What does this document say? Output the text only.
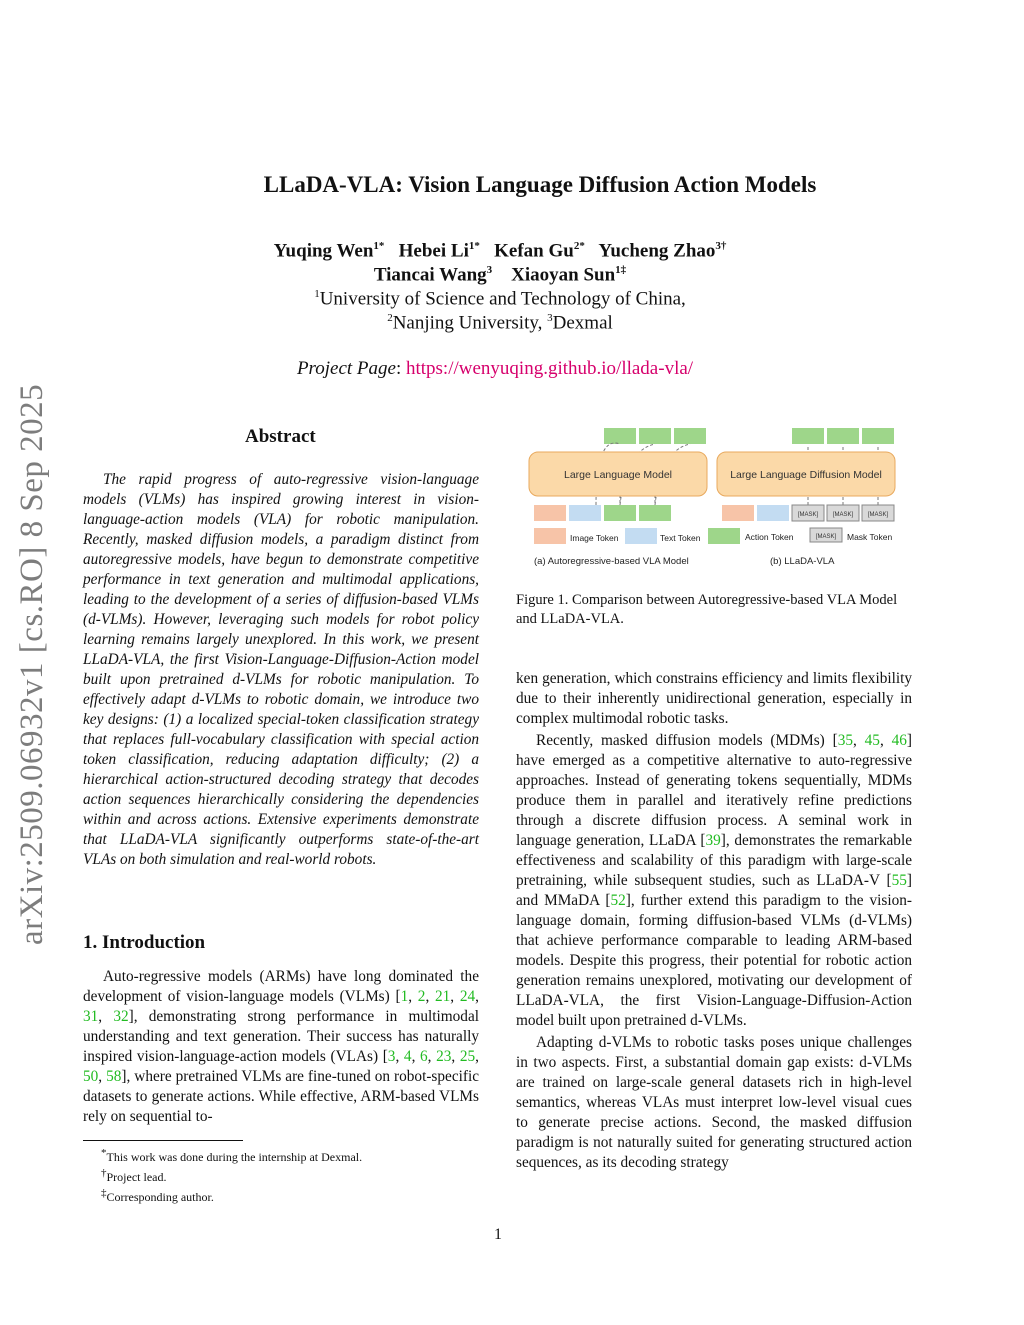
LLaDA-VLA: Vision Language Diffusion Action Models
Yuqing Wen$^{1*}$ Hebei $Li^{1*}$ Kefan $Gu^{2*}$ Yucheng Zhao$^{3\dagger}$
Tiancai Wang$^3$ Xiaoyan Sun$^{1\ddagger}$
$^1$University of Science and Technology of China,
$^2$Nanjing University, $^3$Dexmal
Project Page: https://wenyuqing.github.io/llada-vla/
arXiv:2509.06932v1 [cs.RO] 8 Sep 2025	Abstract

The rapid progress of auto-regressive vision-language models (VLMs) has inspired growing interest in vision-language-action models (VLA) for robotic manipulation. Recently, masked diffusion models, a paradigm distinct from autoregressive models, have begun to demonstrate competitive performance in text generation and multimodal applications, leading to the development of a series of diffusion-based VLMs (d-VLMs). However, leveraging such models for robot policy learning remains largely unexplored. In this work, we present LLaDA-VLA, the first Vision-Language-Diffusion-Action model built upon pretrained d-VLMs for robotic manipulation. To effectively adapt d-VLMs to robotic domain, we introduce two key designs: (1) a localized special-token classification strategy that replaces full-vocabulary classification with special action token classification, reducing adaptation difficulty; (2) a hierarchical action-structured decoding strategy that decodes action sequences hierarchically considering the dependencies within and across actions. Extensive experiments demonstrate that LLaDA-VLA significantly outperforms state-of-the-art VLAs on both simulation and real-world robots.

1. Introduction

Auto-regressive models (ARMs) have long dominated the development of vision-language models (VLMs) [1, 2, 21, 24, 31, 32], demonstrating strong performance in multimodal understanding and text generation. Their success has naturally inspired vision-language-action models (VLAs) [3, 4, 6, 23, 25, 50, 58], where pretrained VLMs are fine-tuned on robot-specific datasets to generate actions. While effective, ARM-based VLMs rely on sequential to-

*This work was done during the internship at Dexmal.
†Project lead.
‡Corresponding author.
Large Language Model	Large Language Diffusion Model
[MASK] [MASK] [MASK]
Image Token	Text Token	Action Token	[MASK] Mask Token
(a) Autoregressive-based VLA Model	(b) LLaDA-VLA
Figure 1. Comparison between Autoregressive-based VLA Model and LLaDA-VLA.

ken generation, which constrains efficiency and limits flexibility due to their inherently unidirectional generation, especially in complex multimodal robotic tasks.

Recently, masked diffusion models (MDMs) [35, 45, 46] have emerged as a competitive alternative to auto-regressive approaches. Instead of generating tokens sequentially, MDMs produce them in parallel and iteratively refine predictions through a discrete diffusion process. A seminal work in language generation, LLaDA [39], demonstrates the remarkable effectiveness and scalability of this paradigm with large-scale pretraining, while subsequent studies, such as LLaDA-V [55] and MMaDA [52], further extend this paradigm to the vision-language domain, forming diffusion-based VLMs (d-VLMs) that achieve performance comparable to leading ARM-based models. Despite this progress, their potential for robotic action generation remains unexplored, motivating our development of LLaDA-VLA, the first Vision-Language-Diffusion-Action model built upon pretrained d-VLMs.

Adapting d-VLMs to robotic tasks poses unique challenges in two aspects. First, a substantial domain gap exists: d-VLMs are trained on large-scale general datasets rich in high-level semantics, whereas VLAs must interpret low-level visual cues to generate precise actions. Second, the masked diffusion paradigm is not naturally suited for generating structured action sequences, as its decoding strategy

1
